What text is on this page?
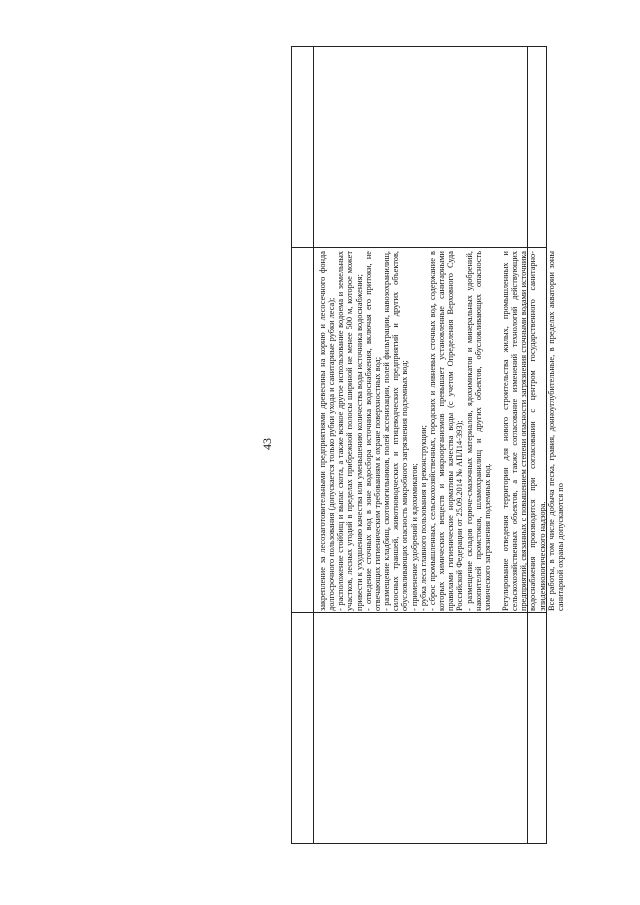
43	закрепление за лесозаготовительными предприятиями древесины на корню и лесосечного фонда долгосрочного пользования (допускается только рубки ухода и санитарные рубки леса); - расположение стойбищ и выпас скота, а также всякое другое использование водоема и земельных участков, лесных угодий в пределах прибрежной полосы шириной не менее 500 м, которое может привести к ухудшению качества или уменьшению количества воды источника водоснабжения; - отведение сточных вод в зоне водосбора источника водоснабжения, включая его притоки, не отвечающих гигиеническим требованиям к охране поверхностных вод; - размещение кладбищ, скотомогильников, полей ассенизации, полей фильтрации, навозохранилищ, силосных траншей, животноводческих и птицеводческих предприятий и других объектов, обусловливающих опасность микробного загрязнения подземных вод; - применение удобрений и ядохимикатов; - рубка леса главного пользования и реконструкции; - сброс промышленных, сельскохозяйственных, городских и ливневых сточных вод, содержание в которых химических веществ и микроорганизмов превышает установленные санитарными правилами гигиенические нормативы качества воды (с учетом Определения Верховного Суда Российской Федерации от 25.09.2014 № АПЛ14-393); - размещение складов горюче-смазочных материалов, ядохимикатов и минеральных удобрений, накопителей промстоков, шламохранилищ и других объектов, обусловливающих опасность химического загрязнения подземных вод. Регулирование отведения территории для нового строительства жилых, промышленных и сельскохозяйственных объектов, а также согласование изменений технологий действующих предприятий, связанных с повышением степени опасности загрязнения сточными водами источника водоснабжения производится при согласовании с центром государственного санитарно-эпидемиологического надзора. Все работы, в том числе добыча песка, гравия, донноуглубительные, в пределах акватории зоны санитарной охраны допускаются по
